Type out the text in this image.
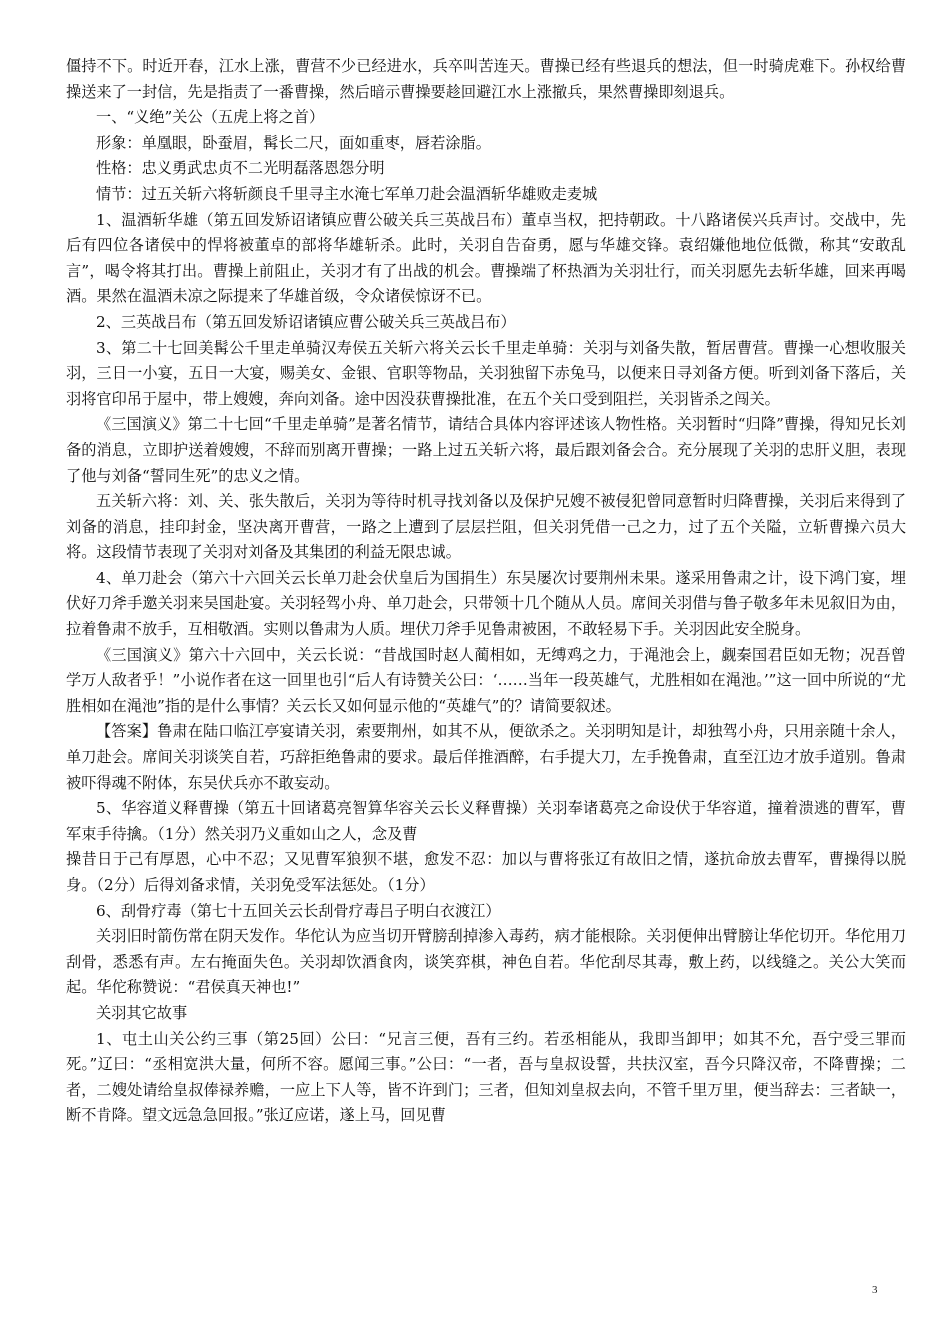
僵持不下。时近开春，江水上涨，曹营不少已经进水，兵卒叫苦连天。曹操已经有些退兵的想法，但一时骑虎难下。孙权给曹操送来了一封信，先是指责了一番曹操，然后暗示曹操要趁回避江水上涨撤兵，果然曹操即刻退兵。

一、“义绝”关公（五虎上将之首）

形象：单凰眼，卧蚕眉，髯长二尺，面如重枣，唇若涂脂。

性格：忠义勇武忠贞不二光明磊落恩怨分明

情节：过五关斩六将斩颜良千里寻主水淹七军单刀赴会温酒斩华雄败走麦城

1、温酒斩华雄（第五回发矫诏诸镇应曹公破关兵三英战吕布）董卓当权，把持朝政。十八路诸侯兴兵声讨。交战中，先后有四位各诸侯中的悍将被董卓的部将华雄斩杀。此时，关羽自告奋勇，愿与华雄交锋。袁绍嫌他地位低微，称其“安敢乱言”，喝令将其打出。曹操上前阻止，关羽才有了出战的机会。曹操端了杯热酒为关羽壮行，而关羽愿先去斩华雄，回来再喝酒。果然在温酒未凉之际提来了华雄首级，令众诸侯惊讶不已。

2、三英战吕布（第五回发矫诏诸镇应曹公破关兵三英战吕布）

3、第二十七回美髯公千里走单骑汉寿侯五关斩六将关云长千里走单骑：关羽与刘备失散，暂居曹营。曹操一心想收服关羽，三日一小宴，五日一大宴，赐美女、金银、官职等物品，关羽独留下赤兔马，以便来日寻刘备方便。听到刘备下落后，关羽将官印吊于屋中，带上嫂嫂，奔向刘备。途中因没获曹操批准，在五个关口受到阻拦，关羽皆杀之闯关。

《三国演义》第二十七回“千里走单骑”是著名情节，请结合具体内容评述该人物性格。关羽暂时“归降”曹操，得知兄长刘备的消息，立即护送着嫂嫂，不辞而别离开曹操；一路上过五关斩六将，最后跟刘备会合。充分展现了关羽的忠肝义胆，表现了他与刘备“誓同生死”的忠义之情。

五关斩六将：刘、关、张失散后，关羽为等待时机寻找刘备以及保护兄嫂不被侵犯曾同意暂时归降曹操，关羽后来得到了刘备的消息，挂印封金，坚决离开曹营，一路之上遭到了层层拦阻，但关羽凭借一己之力，过了五个关隘，立斩曹操六员大将。这段情节表现了关羽对刘备及其集团的利益无限忠诚。

4、单刀赴会（第六十六回关云长单刀赴会伏皇后为国捐生）东吴屡次讨要荆州未果。遂采用鲁肃之计，设下鸿门宴，埋伏好刀斧手邀关羽来吴国赴宴。关羽轻驾小舟、单刀赴会，只带领十几个随从人员。席间关羽借与鲁子敬多年未见叙旧为由，拉着鲁肃不放手，互相敬酒。实则以鲁肃为人质。埋伏刀斧手见鲁肃被困，不敢轻易下手。关羽因此安全脱身。

《三国演义》第六十六回中，关云长说：“昔战国时赵人蔺相如，无缚鸡之力，于渑池会上，觑秦国君臣如无物；况吾曾学万人敌者乎！”小说作者在这一回里也引“后人有诗赞关公曰：‘……当年一段英雄气，尤胜相如在渑池。’”这一回中所说的“尤胜相如在渑池”指的是什么事情？关云长又如何显示他的“英雄气”的？请简要叙述。

【答案】鲁肃在陆口临江亭宴请关羽，索要荆州，如其不从，便欲杀之。关羽明知是计，却独驾小舟，只用亲随十余人，单刀赴会。席间关羽谈笑自若，巧辞拒绝鲁肃的要求。最后佯推酒醉，右手提大刀，左手挽鲁肃，直至江边才放手道别。鲁肃被吓得魂不附体，东吴伏兵亦不敢妄动。

5、华容道义释曹操（第五十回诸葛亮智算华容关云长义释曹操）关羽奉诸葛亮之命设伏于华容道，撞着溃逃的曹军，曹军束手待擒。（1分）然关羽乃义重如山之人，念及曹

操昔日于己有厚恩，心中不忍；又见曹军狼狈不堪，愈发不忍：加以与曹将张辽有故旧之情，遂抗命放去曹军，曹操得以脱身。（2分）后得刘备求情，关羽免受军法惩处。（1分）

6、刮骨疗毒（第七十五回关云长刮骨疗毒吕子明白衣渡江）

关羽旧时箭伤常在阴天发作。华佗认为应当切开臂膀刮掉渗入毒药，病才能根除。关羽便伸出臂膀让华佗切开。华佗用刀刮骨，悉悉有声。左右掩面失色。关羽却饮酒食肉，谈笑弈棋，神色自若。华佗刮尽其毒，敷上药，以线缝之。关公大笑而起。华佗称赞说：“君侯真天神也!”

关羽其它故事

1、屯土山关公约三事（第25回）公曰：“兄言三便，吾有三约。若丞相能从，我即当卸甲；如其不允，吾宁受三罪而死。”辽曰：“丞相宽洪大量，何所不容。愿闻三事。”公曰：“一者，吾与皇叔设誓，共扶汉室，吾今只降汉帝，不降曹操；二者，二嫂处请给皇叔俸禄养赡，一应上下人等，皆不许到门；三者，但知刘皇叔去向，不管千里万里，便当辞去：三者缺一，断不肯降。望文远急急回报。”张辽应诺，遂上马，回见曹

3
